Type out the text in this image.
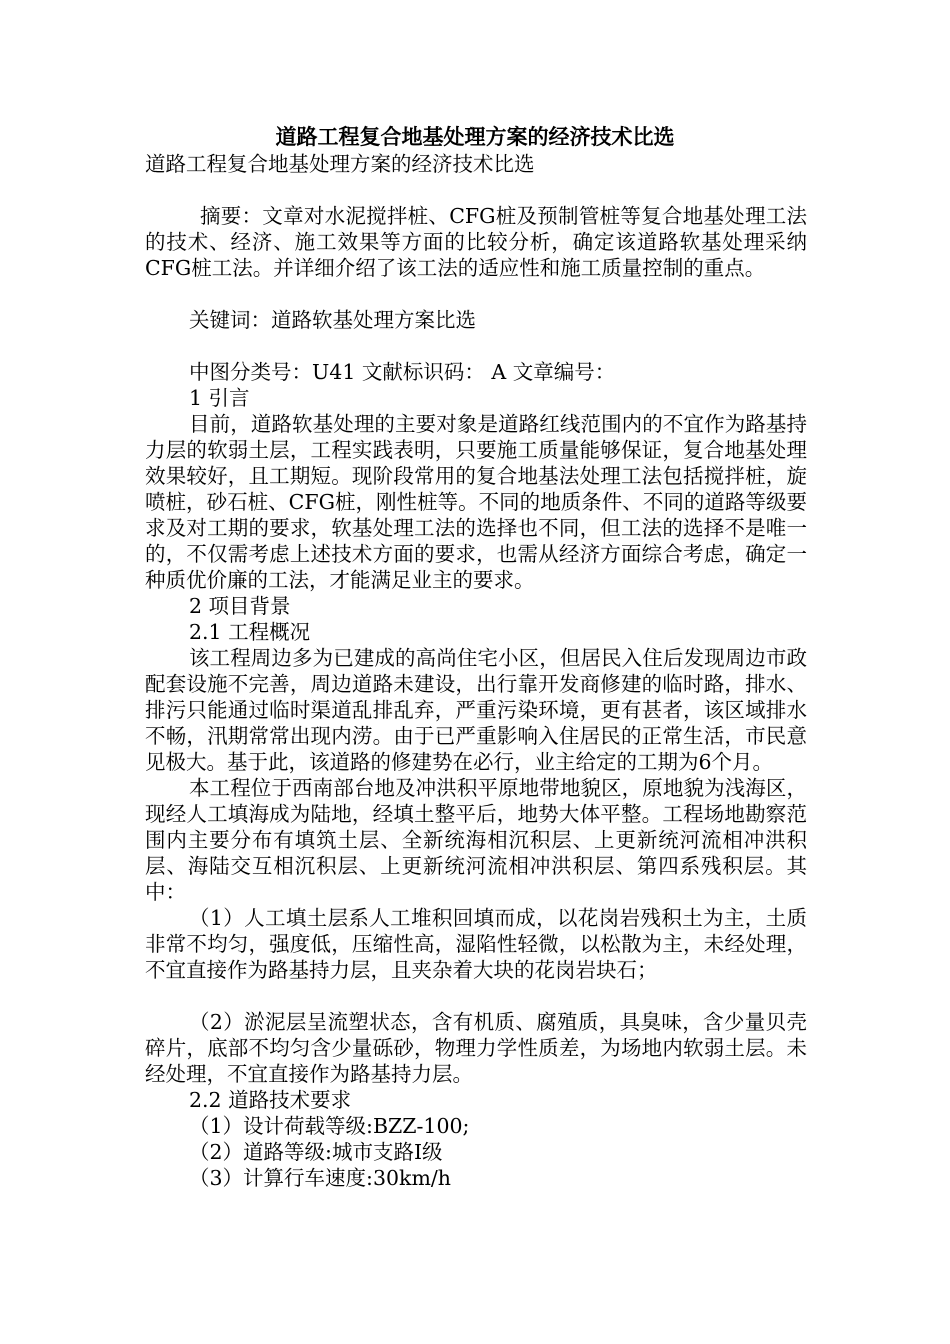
道路工程复合地基处理方案的经济技术比选

道路工程复合地基处理方案的经济技术比选

摘要：文章对水泥搅拌桩、CFG桩及预制管桩等复合地基处理工法的技术、经济、施工效果等方面的比较分析，确定该道路软基处理采纳CFG桩工法。并详细介绍了该工法的适应性和施工质量控制的重点。

关键词：道路软基处理方案比选

中图分类号：U41 文献标识码： A 文章编号：

1 引言

目前，道路软基处理的主要对象是道路红线范围内的不宜作为路基持力层的软弱土层，工程实践表明，只要施工质量能够保证，复合地基处理效果较好，且工期短。现阶段常用的复合地基法处理工法包括搅拌桩，旋喷桩，砂石桩、CFG桩，刚性桩等。不同的地质条件、不同的道路等级要求及对工期的要求，软基处理工法的选择也不同，但工法的选择不是唯一的，不仅需考虑上述技术方面的要求，也需从经济方面综合考虑，确定一种质优价廉的工法，才能满足业主的要求。

2 项目背景

2.1 工程概况

该工程周边多为已建成的高尚住宅小区，但居民入住后发现周边市政配套设施不完善，周边道路未建设，出行靠开发商修建的临时路，排水、排污只能通过临时渠道乱排乱弃，严重污染环境，更有甚者，该区域排水不畅，汛期常常出现内涝。由于已严重影响入住居民的正常生活，市民意见极大。基于此，该道路的修建势在必行，业主给定的工期为6个月。

本工程位于西南部台地及冲洪积平原地带地貌区，原地貌为浅海区，现经人工填海成为陆地，经填土整平后，地势大体平整。工程场地勘察范围内主要分布有填筑土层、全新统海相沉积层、上更新统河流相冲洪积层、海陆交互相沉积层、上更新统河流相冲洪积层、第四系残积层。其中：

（1）人工填土层系人工堆积回填而成，以花岗岩残积土为主，土质非常不均匀，强度低，压缩性高，湿陷性轻微，以松散为主，未经处理，不宜直接作为路基持力层，且夹杂着大块的花岗岩块石；

（2）淤泥层呈流塑状态，含有机质、腐殖质，具臭味，含少量贝壳碎片，底部不均匀含少量砾砂，物理力学性质差，为场地内软弱土层。未经处理，不宜直接作为路基持力层。

2.2 道路技术要求

（1）设计荷载等级:BZZ-100;

（2）道路等级:城市支路Ⅰ级

（3）计算行车速度:30km/h
